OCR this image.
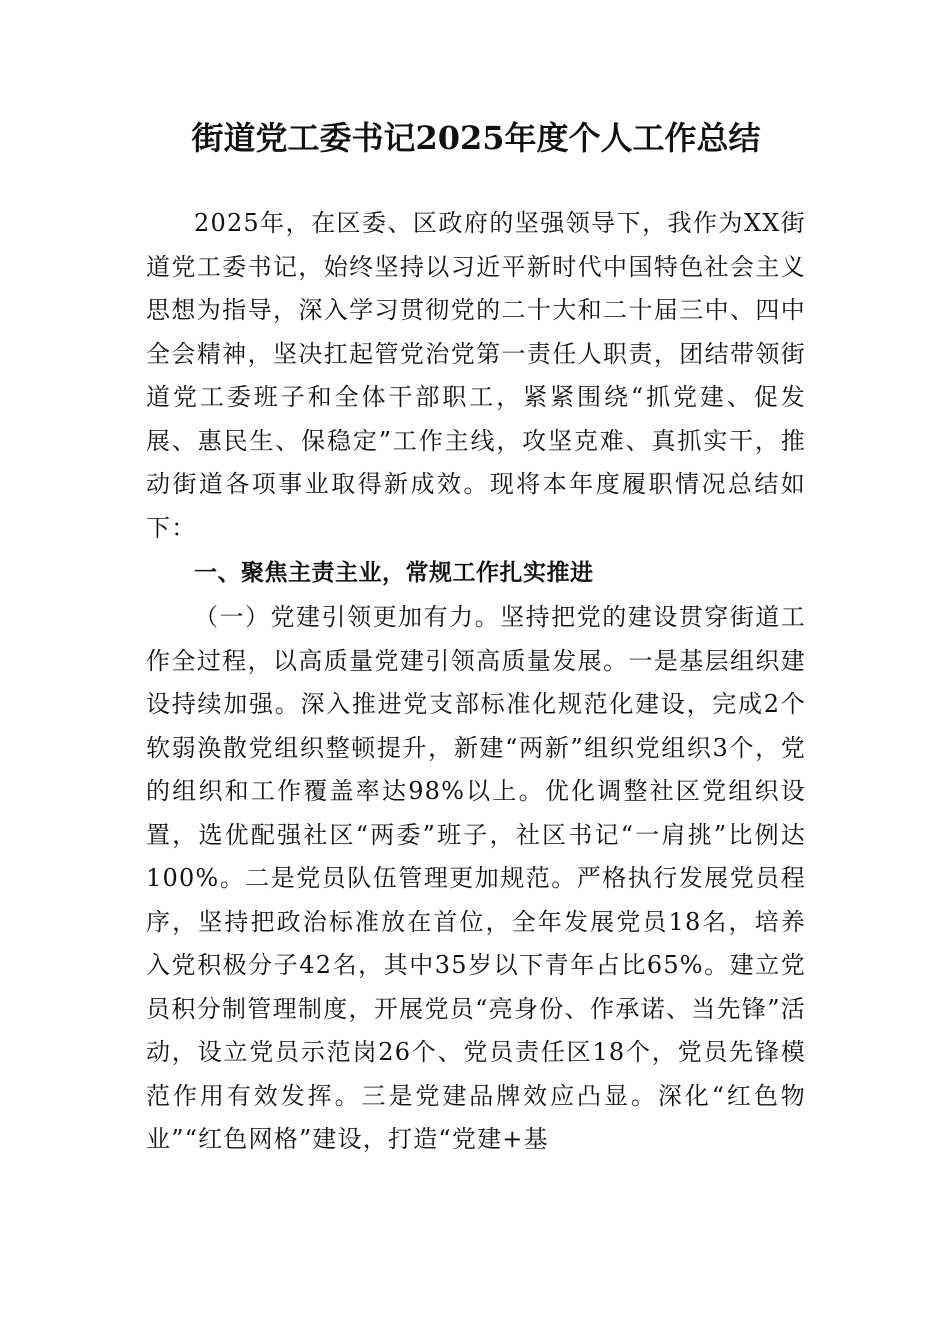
街道党工委书记2025年度个人工作总结

2025年，在区委、区政府的坚强领导下，我作为XX街道党工委书记，始终坚持以习近平新时代中国特色社会主义思想为指导，深入学习贯彻党的二十大和二十届三中、四中全会精神，坚决扛起管党治党第一责任人职责，团结带领街道党工委班子和全体干部职工，紧紧围绕“抓党建、促发展、惠民生、保稳定”工作主线，攻坚克难、真抓实干，推动街道各项事业取得新成效。现将本年度履职情况总结如下：

一、聚焦主责主业，常规工作扎实推进

（一）党建引领更加有力。坚持把党的建设贯穿街道工作全过程，以高质量党建引领高质量发展。一是基层组织建设持续加强。深入推进党支部标准化规范化建设，完成2个软弱涣散党组织整顿提升，新建“两新”组织党组织3个，党的组织和工作覆盖率达98%以上。优化调整社区党组织设置，选优配强社区“两委”班子，社区书记“一肩挑”比例达100%。二是党员队伍管理更加规范。严格执行发展党员程序，坚持把政治标准放在首位，全年发展党员18名，培养入党积极分子42名，其中35岁以下青年占比65%。建立党员积分制管理制度，开展党员“亮身份、作承诺、当先锋”活动，设立党员示范岗26个、党员责任区18个，党员先锋模范作用有效发挥。三是党建品牌效应凸显。深化“红色物业”“红色网格”建设，打造“党建+基
